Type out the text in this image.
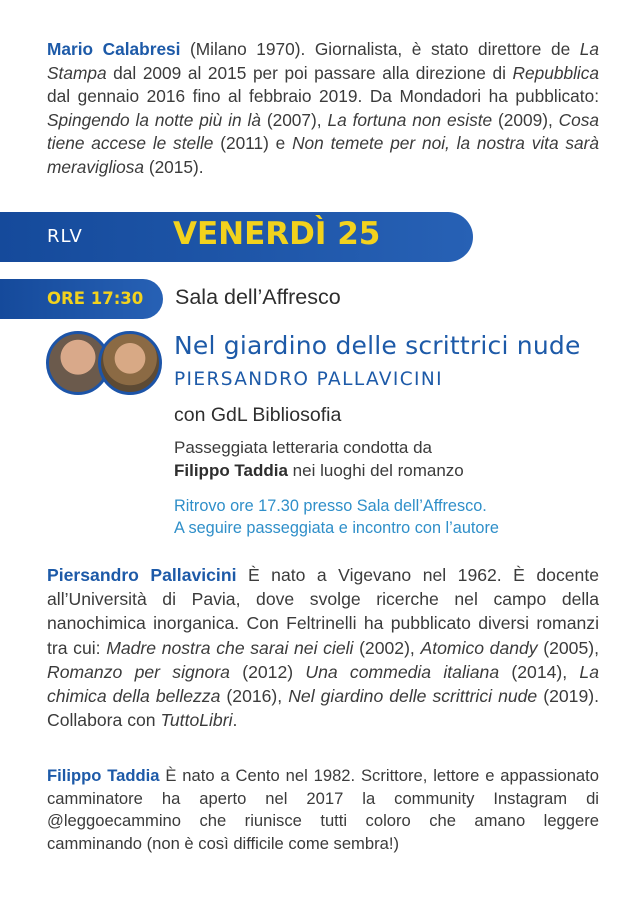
Mario Calabresi (Milano 1970). Giornalista, è stato direttore de La Stampa dal 2009 al 2015 per poi passare alla direzione di Repubblica dal gennaio 2016 fino al febbraio 2019. Da Mondadori ha pubblicato: Spingendo la notte più in là (2007), La fortuna non esiste (2009), Cosa tiene accese le stelle (2011) e Non temete per noi, la nostra vita sarà meravigliosa (2015).

RLV	VENERDÌ 25
ORE 17:30 Sala dell’Affresco
Nel giardino delle scrittrici nude
PIERSANDRO PALLAVICINI
con GdL Bibliosofia
Passeggiata letteraria condotta da
Filippo Taddia nei luoghi del romanzo
Ritrovo ore 17.30 presso Sala dell’Affresco.
A seguire passeggiata e incontro con l’autore

Piersandro Pallavicini È nato a Vigevano nel 1962. È docente all’Università di Pavia, dove svolge ricerche nel campo della nanochimica inorganica. Con Feltrinelli ha pubblicato diversi romanzi tra cui: Madre nostra che sarai nei cieli (2002), Atomico dandy (2005), Romanzo per signora (2012) Una commedia italiana (2014), La chimica della bellezza (2016), Nel giardino delle scrittrici nude (2019). Collabora con TuttoLibri.

Filippo Taddia È nato a Cento nel 1982. Scrittore, lettore e appassionato camminatore ha aperto nel 2017 la community Instagram di @leggoecammino che riunisce tutti coloro che amano leggere camminando (non è così difficile come sembra!)
